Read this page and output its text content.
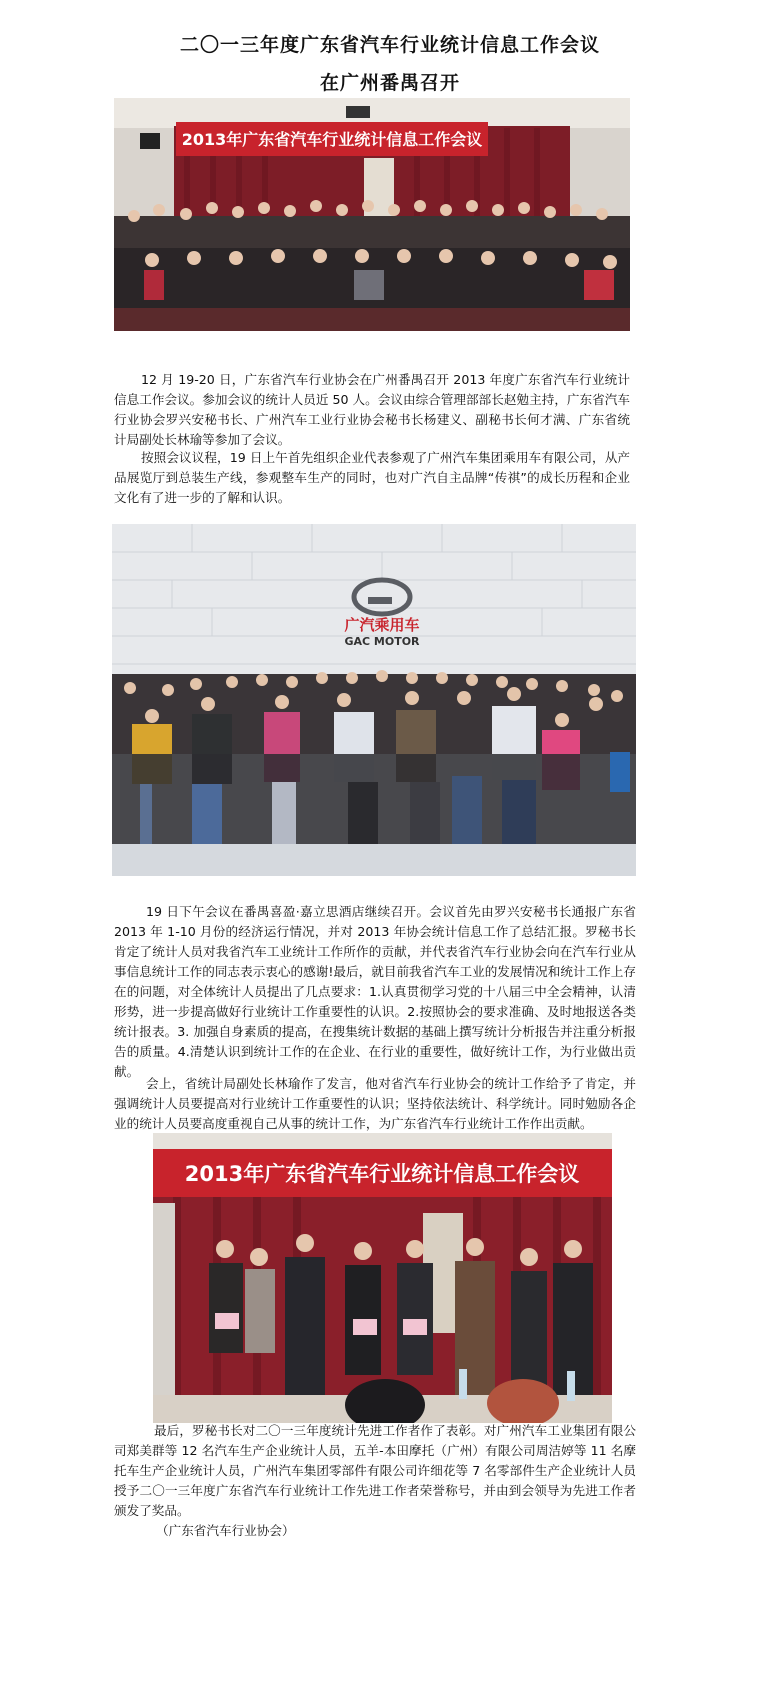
二〇一三年度广东省汽车行业统计信息工作会议
在广州番禺召开
2013年广东省汽车行业统计信息工作会议

12 月 19-20 日，广东省汽车行业协会在广州番禺召开 2013 年度广东省汽车行业统计信息工作会议。参加会议的统计人员近 50 人。会议由综合管理部部长赵勉主持，广东省汽车行业协会罗兴安秘书长、广州汽车工业行业协会秘书长杨建义、副秘书长何才满、广东省统计局副处长林瑜等参加了会议。

按照会议议程，19 日上午首先组织企业代表参观了广州汽车集团乘用车有限公司，从产品展览厅到总装生产线，参观整车生产的同时，也对广汽自主品牌“传祺”的成长历程和企业文化有了进一步的了解和认识。

广汽乘用车
GAC MOTOR

19 日下午会议在番禺喜盈·嘉立思酒店继续召开。会议首先由罗兴安秘书长通报广东省 2013 年 1-10 月份的经济运行情况，并对 2013 年协会统计信息工作了总结汇报。罗秘书长肯定了统计人员对我省汽车工业统计工作所作的贡献，并代表省汽车行业协会向在汽车行业从事信息统计工作的同志表示衷心的感谢!最后，就目前我省汽车工业的发展情况和统计工作上存在的问题，对全体统计人员提出了几点要求：1.认真贯彻学习党的十八届三中全会精神，认清形势，进一步提高做好行业统计工作重要性的认识。2.按照协会的要求准确、及时地报送各类统计报表。3. 加强自身素质的提高，在搜集统计数据的基础上撰写统计分析报告并注重分析报告的质量。4.清楚认识到统计工作的在企业、在行业的重要性，做好统计工作，为行业做出贡献。

会上，省统计局副处长林瑜作了发言，他对省汽车行业协会的统计工作给予了肯定，并强调统计人员要提高对行业统计工作重要性的认识；坚持依法统计、科学统计。同时勉励各企业的统计人员要高度重视自己从事的统计工作，为广东省汽车行业统计工作作出贡献。

2013年广东省汽车行业统计信息工作会议

最后，罗秘书长对二〇一三年度统计先进工作者作了表彰。对广州汽车工业集团有限公司郑美群等 12 名汽车生产企业统计人员，五羊-本田摩托（广州）有限公司周洁婷等 11 名摩托车生产企业统计人员，广州汽车集团零部件有限公司许细花等 7 名零部件生产企业统计人员授予二〇一三年度广东省汽车行业统计工作先进工作者荣誉称号，并由到会领导为先进工作者颁发了奖品。

（广东省汽车行业协会）
